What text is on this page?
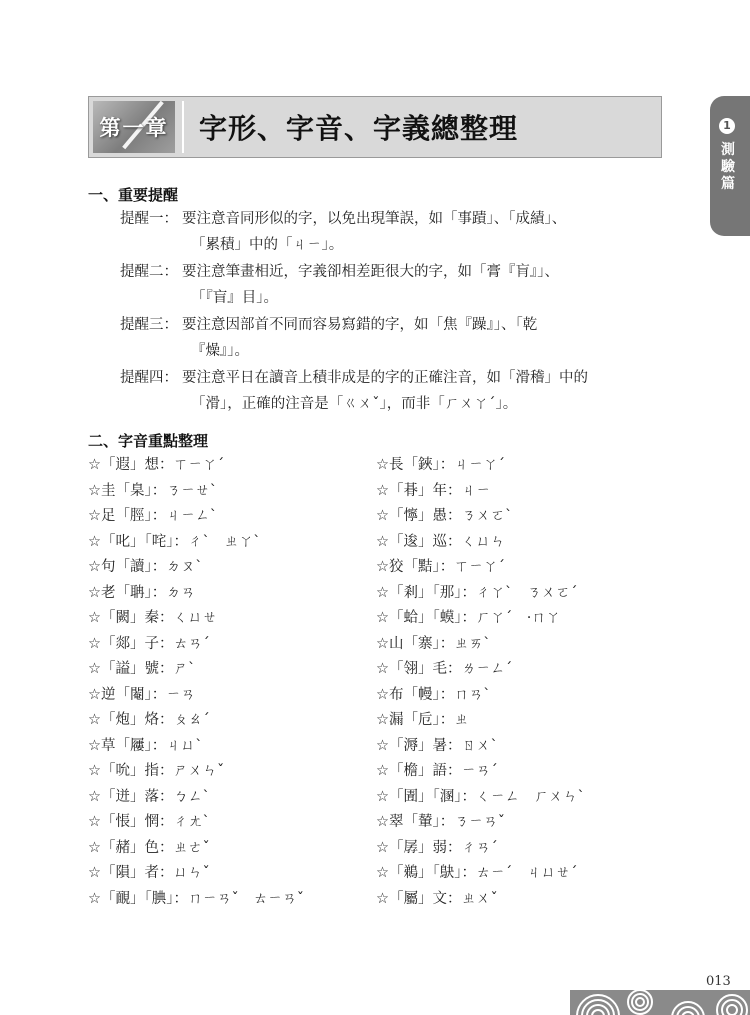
第一章 字形、字音、字義總整理	1
測驗篇
一、重要提醒
提醒一： 要注意音同形似的字，以免出現筆誤，如「事蹟」、「成績」、
「累積」中的「ㄐㄧ」。
提醒二： 要注意筆畫相近，字義卻相差距很大的字，如「膏『肓』」、
「『盲』目」。
提醒三： 要注意因部首不同而容易寫錯的字，如「焦『躁』」、「乾
『燥』」。
提醒四： 要注意平日在讀音上積非成是的字的正確注音，如「滑稽」中的
「滑」，正確的注音是「ㄍㄨˇ」，而非「ㄏㄨㄚˊ」。
二、字音重點整理
☆「遐」想：ㄒㄧㄚˊ
☆圭「臬」：ㄋㄧㄝˋ
☆足「脛」：ㄐㄧㄥˋ
☆「叱」「咤」：ㄔˋ　ㄓㄚˋ
☆句「讀」：ㄉㄡˋ
☆老「聃」：ㄉㄢ
☆「闕」秦：ㄑㄩㄝ
☆「郯」子：ㄊㄢˊ
☆「謚」號：ㄕˋ
☆逆「閹」：ㄧㄢ
☆「炮」烙：ㄆㄠˊ
☆草「屨」：ㄐㄩˋ
☆「吮」指：ㄕㄨㄣˇ
☆「迸」落：ㄅㄥˋ
☆「悵」惘：ㄔㄤˋ
☆「赭」色：ㄓㄜˇ
☆「隕」者：ㄩㄣˇ
☆「靦」「腆」：ㄇㄧㄢˇ　ㄊㄧㄢˇ
☆長「鋏」：ㄐㄧㄚˊ
☆「朞」年：ㄐㄧ
☆「懧」愚：ㄋㄨㄛˋ
☆「逡」巡：ㄑㄩㄣ
☆狡「黠」：ㄒㄧㄚˊ
☆「剎」「那」：ㄔㄚˋ　ㄋㄨㄛˊ
☆「蛤」「蟆」：ㄏㄚˊ　·ㄇㄚ
☆山「寨」：ㄓㄞˋ
☆「翎」毛：ㄌㄧㄥˊ
☆布「幔」：ㄇㄢˋ
☆漏「卮」：ㄓ
☆「溽」暑：ㄖㄨˋ
☆「檐」語：ㄧㄢˊ
☆「圊」「溷」：ㄑㄧㄥ　ㄏㄨㄣˋ
☆翠「輦」：ㄋㄧㄢˇ
☆「孱」弱：ㄔㄢˊ
☆「鵜」「鴃」：ㄊㄧˊ　ㄐㄩㄝˊ
☆「屬」文：ㄓㄨˇ
013
